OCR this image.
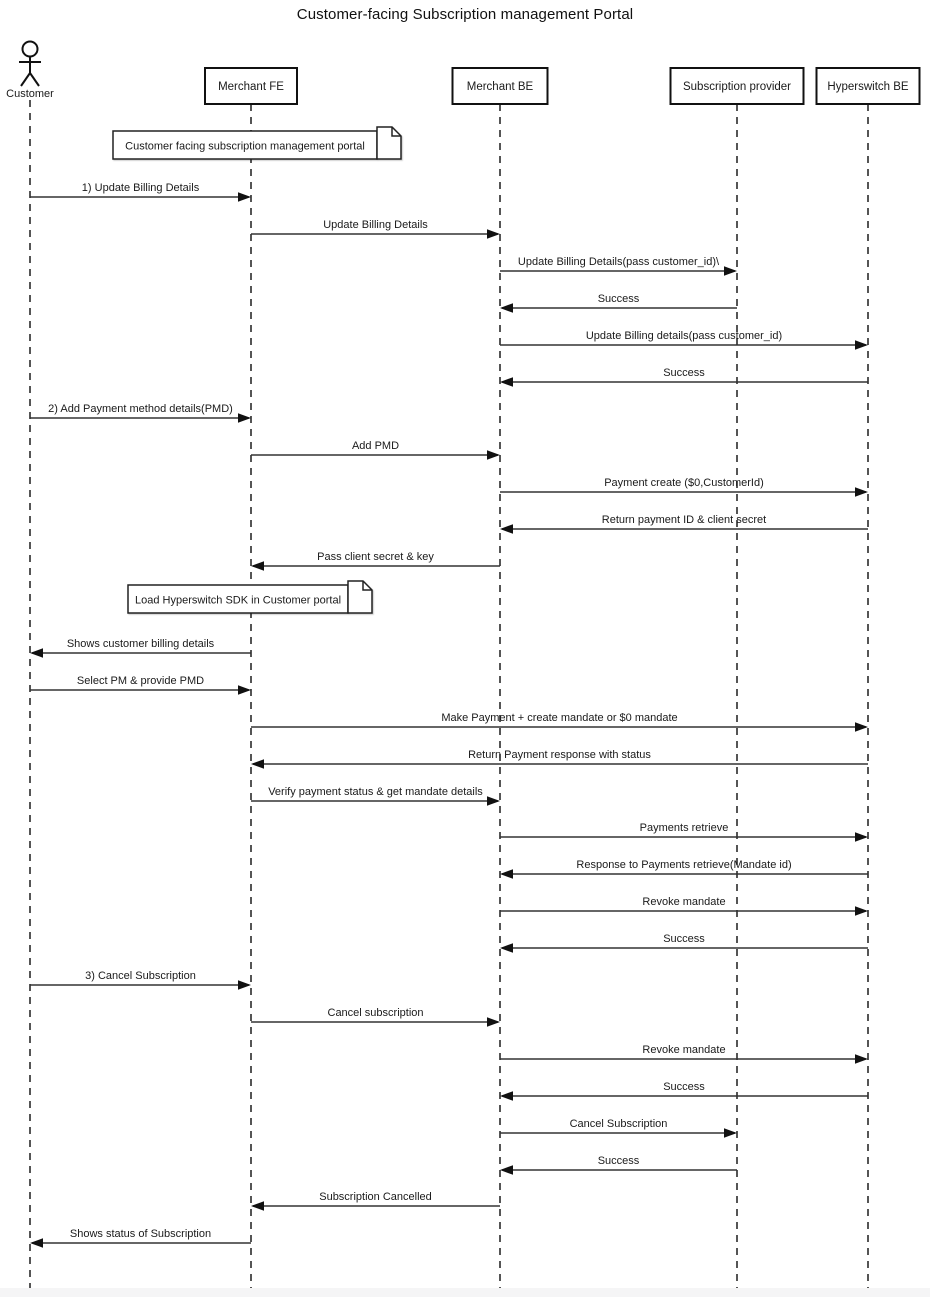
Customer
Merchant FE	Merchant BE	Subscription provider	Hyperswitch BE
Customer facing subscription management portal
Load Hyperswitch SDK in Customer portal
1) Update Billing Details
Update Billing Details
Update Billing Details(pass customer_id)\
Success
Update Billing details(pass customer_id)
Success
2) Add Payment method details(PMD)
Add PMD
Payment create ($0,CustomerId)
Return payment ID & client secret
Pass client secret & key
Shows customer billing details
Select PM & provide PMD
Make Payment + create mandate or $0 mandate
Return Payment response with status
Verify payment status & get mandate details
Payments retrieve
Response to Payments retrieve(Mandate id)
Revoke mandate
Success
3) Cancel Subscription
Cancel subscription
Revoke mandate
Success
Cancel Subscription
Success
Subscription Cancelled
Shows status of Subscription
Customer-facing Subscription management Portal
